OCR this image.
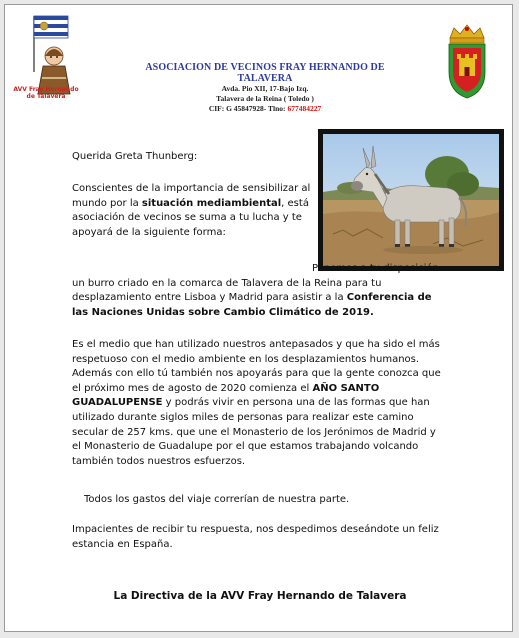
AVV Fray Hernando
de Talavera
ASOCIACION DE VECINOS FRAY HERNANDO DE TALAVERA
Avda. Pio XII, 17-Bajo Izq.
Talavera de la Reina ( Toledo )
CIF: G 45847928- Tlno: 677484227

Querida Greta Thunberg:

Conscientes de la importancia de sensibilizar al mundo por la situación mediambiental, está asociación de vecinos se suma a tu lucha y te apoyará de la siguiente forma:

Ponemos a tu disposición un burro criado en la comarca de Talavera de la Reina para tu desplazamiento entre Lisboa y Madrid para asistir a la Conferencia de las Naciones Unidas sobre Cambio Climático de 2019.

Es el medio que han utilizado nuestros antepasados y que ha sido el más respetuoso con el medio ambiente en los desplazamientos humanos. Además con ello tú también nos apoyarás para que la gente conozca que el próximo mes de agosto de 2020 comienza el AÑO SANTO GUADALUPENSE y podrás vivir en persona una de las formas que han utilizado durante siglos miles de personas para realizar este camino secular de 257 kms. que une el Monasterio de los Jerónimos de Madrid y el Monasterio de Guadalupe por el que estamos trabajando volcando también todos nuestros esfuerzos.

Todos los gastos del viaje correrían de nuestra parte.

Impacientes de recibir tu respuesta, nos despedimos deseándote un feliz estancia en España.

La Directiva de la AVV Fray Hernando de Talavera
